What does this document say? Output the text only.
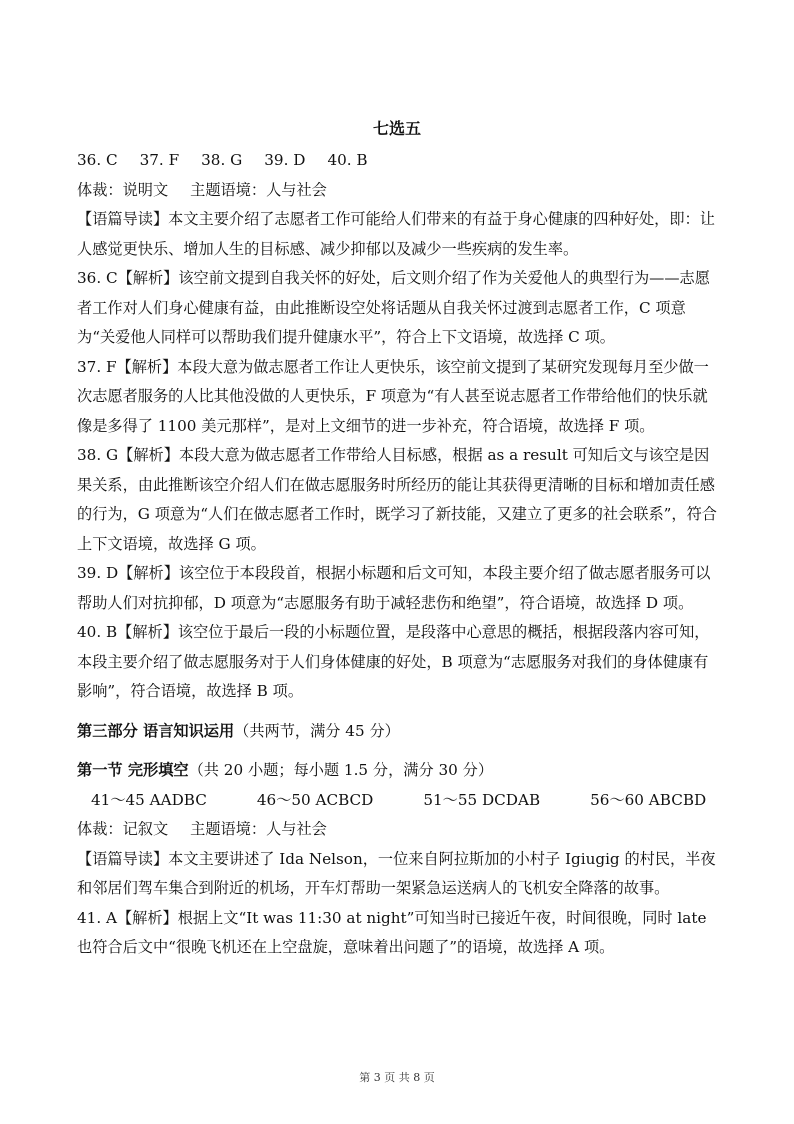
七选五

36. C 37. F 38. G 39. D 40. B

体裁：说明文 主题语境：人与社会

【语篇导读】本文主要介绍了志愿者工作可能给人们带来的有益于身心健康的四种好处，即：让人感觉更快乐、增加人生的目标感、减少抑郁以及减少一些疾病的发生率。

36. C【解析】该空前文提到自我关怀的好处，后文则介绍了作为关爱他人的典型行为——志愿者工作对人们身心健康有益，由此推断设空处将话题从自我关怀过渡到志愿者工作，C 项意为“关爱他人同样可以帮助我们提升健康水平”，符合上下文语境，故选择 C 项。

37. F【解析】本段大意为做志愿者工作让人更快乐，该空前文提到了某研究发现每月至少做一次志愿者服务的人比其他没做的人更快乐，F 项意为“有人甚至说志愿者工作带给他们的快乐就像是多得了 1100 美元那样”，是对上文细节的进一步补充，符合语境，故选择 F 项。

38. G【解析】本段大意为做志愿者工作带给人目标感，根据 as a result 可知后文与该空是因果关系，由此推断该空介绍人们在做志愿服务时所经历的能让其获得更清晰的目标和增加责任感的行为，G 项意为“人们在做志愿者工作时，既学习了新技能，又建立了更多的社会联系”，符合上下文语境，故选择 G 项。

39. D【解析】该空位于本段段首，根据小标题和后文可知，本段主要介绍了做志愿者服务可以帮助人们对抗抑郁，D 项意为“志愿服务有助于减轻悲伤和绝望”，符合语境，故选择 D 项。

40. B【解析】该空位于最后一段的小标题位置，是段落中心意思的概括，根据段落内容可知，本段主要介绍了做志愿服务对于人们身体健康的好处，B 项意为“志愿服务对我们的身体健康有影响”，符合语境，故选择 B 项。

第三部分 语言知识运用（共两节，满分 45 分）

第一节 完形填空（共 20 小题；每小题 1.5 分，满分 30 分）

41～45 AADBC	46～50 ACBCD	51～55 DCDAB	56～60 ABCBD

体裁：记叙文 主题语境：人与社会

【语篇导读】本文主要讲述了 Ida Nelson，一位来自阿拉斯加的小村子 Igiugig 的村民，半夜和邻居们驾车集合到附近的机场，开车灯帮助一架紧急运送病人的飞机安全降落的故事。

41. A【解析】根据上文“It was 11:30 at night”可知当时已接近午夜，时间很晚，同时 late 也符合后文中“很晚飞机还在上空盘旋，意味着出问题了”的语境，故选择 A 项。

第 3 页 共 8 页
